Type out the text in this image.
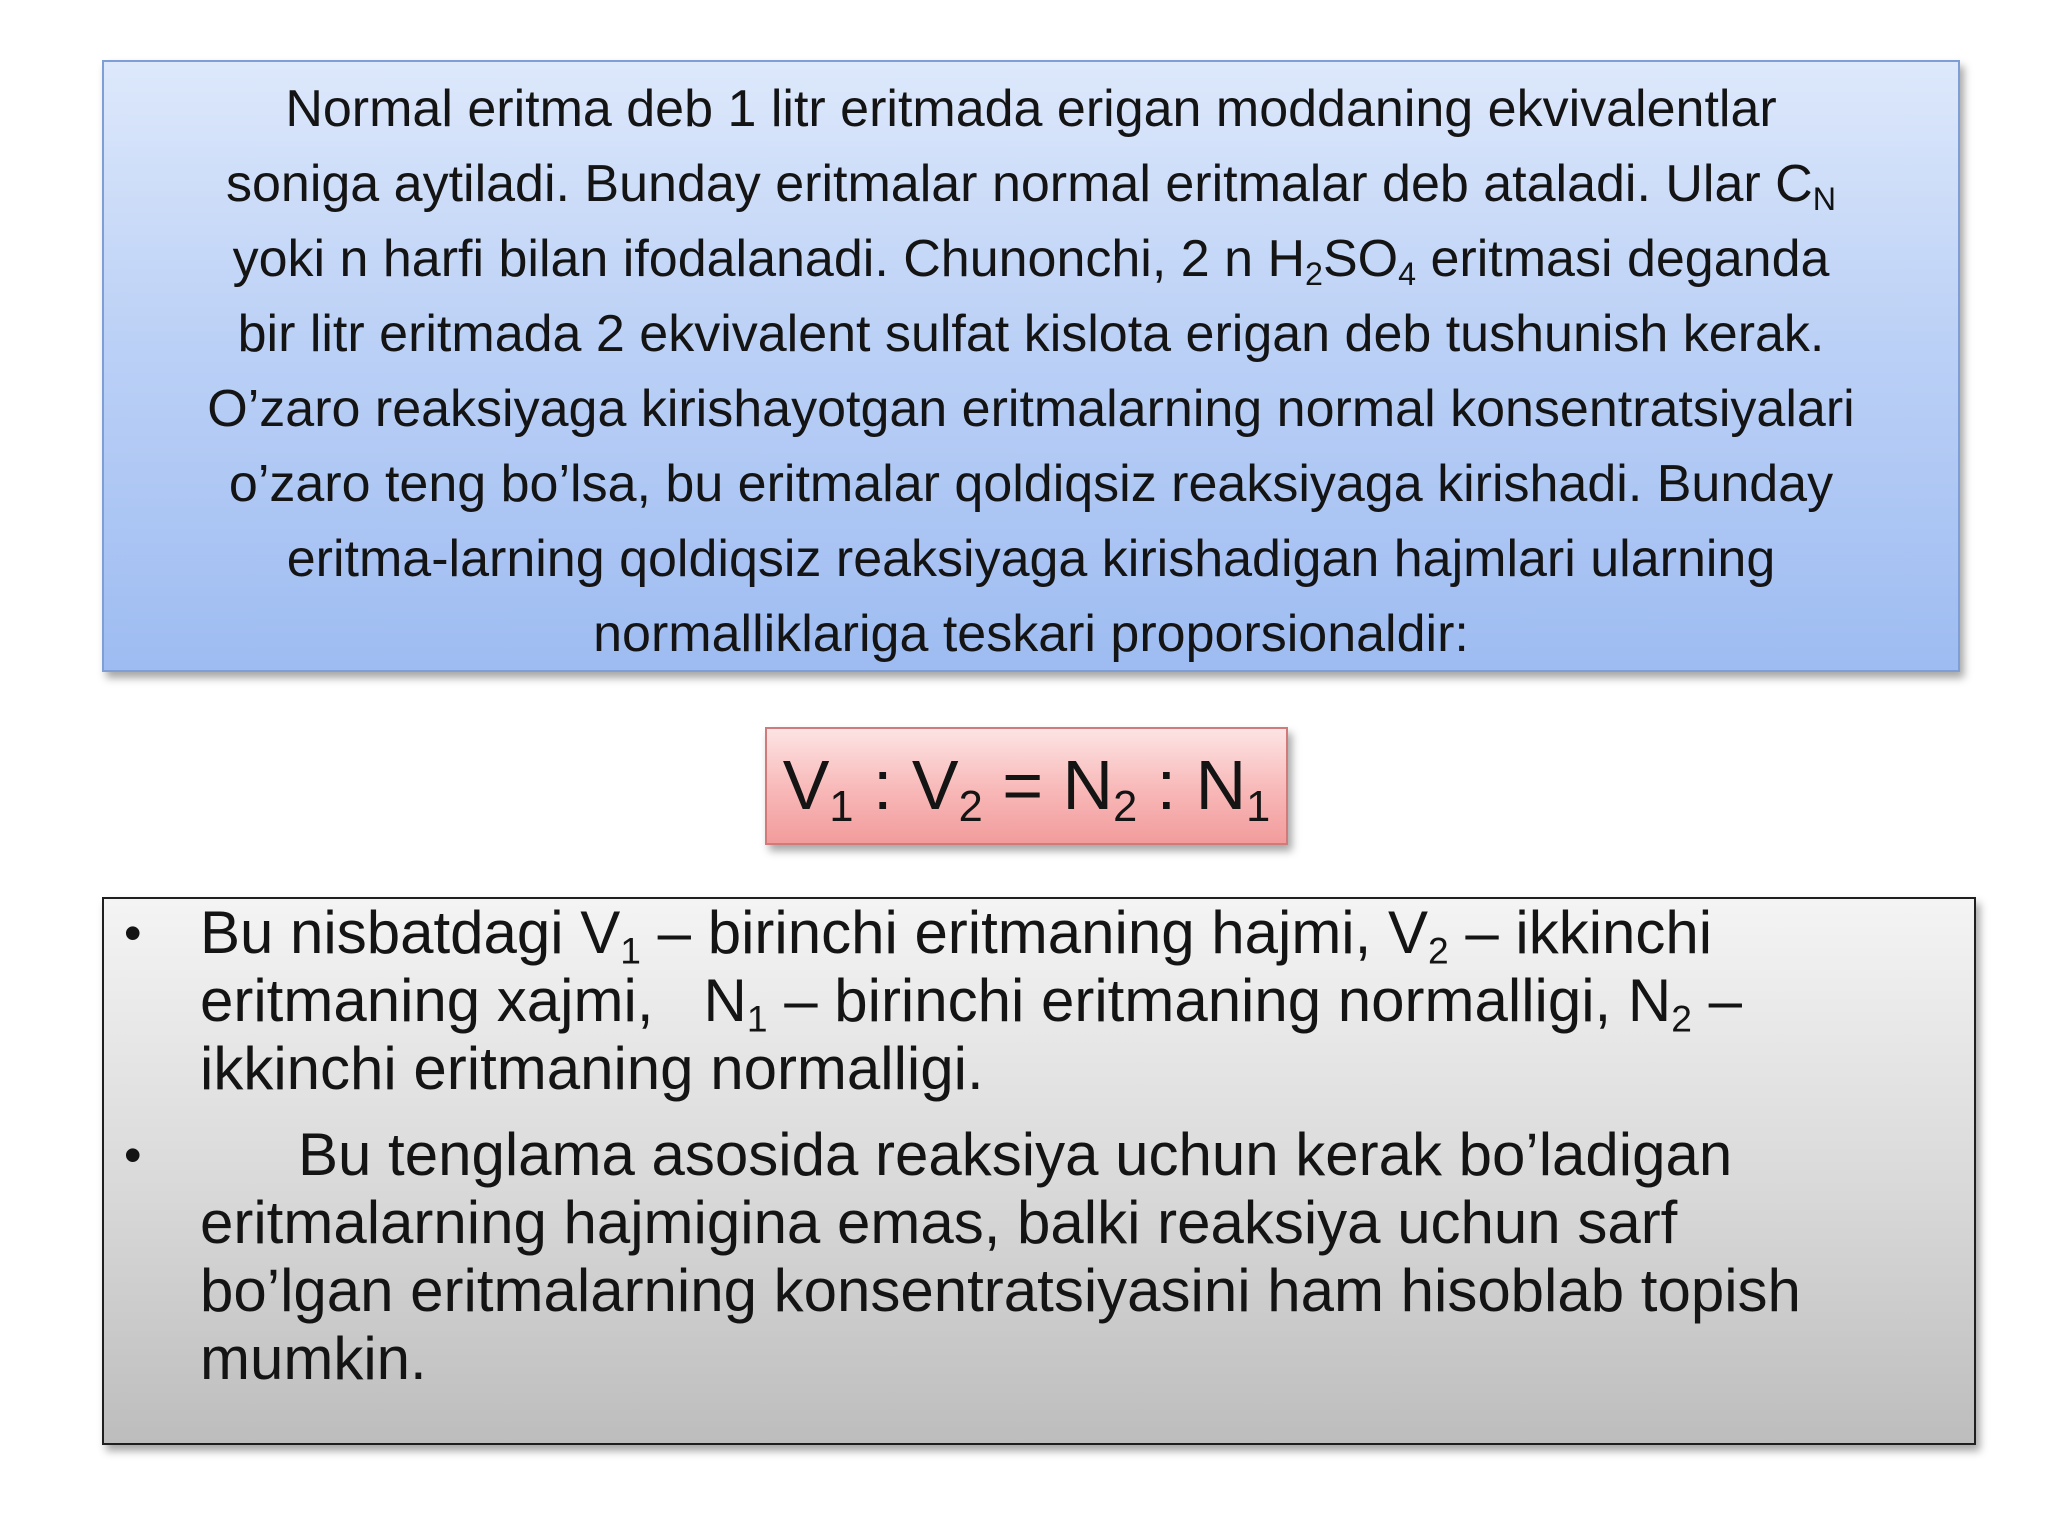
Normal eritma deb 1 litr eritmada erigan moddaning ekvivalentlar
soniga aytiladi. Bunday eritmalar normal eritmalar deb ataladi. Ular $C_N$
yoki n harfi bilan ifodalanadi. Chunonchi, 2 n $H_2SO_4$ eritmasi deganda
bir litr eritmada 2 ekvivalent sulfat kislota erigan deb tushunish kerak.
O’zaro reaksiyaga kirishayotgan eritmalarning normal konsentratsiyalari
o’zaro teng bo’lsa, bu eritmalar qoldiqsiz reaksiyaga kirishadi. Bunday
eritma-larning qoldiqsiz reaksiyaga kirishadigan hajmlari ularning
normalliklariga teskari proporsionaldir:
$V_1$ : $V_2 = N_2$ : $N_1$
• Bu nisbatdagi $V_1$ – birinchi eritmaning hajmi, $V_2$ – ikkinchi
eritmaning xajmi, $N_1$ – birinchi eritmaning normalligi, $N_2$ –
ikkinchi eritmaning normalligi.
•	Bu tenglama asosida reaksiya uchun kerak bo’ladigan
eritmalarning hajmigina emas, balki reaksiya uchun sarf
bo’lgan eritmalarning konsentratsiyasini ham hisoblab topish
mumkin.
